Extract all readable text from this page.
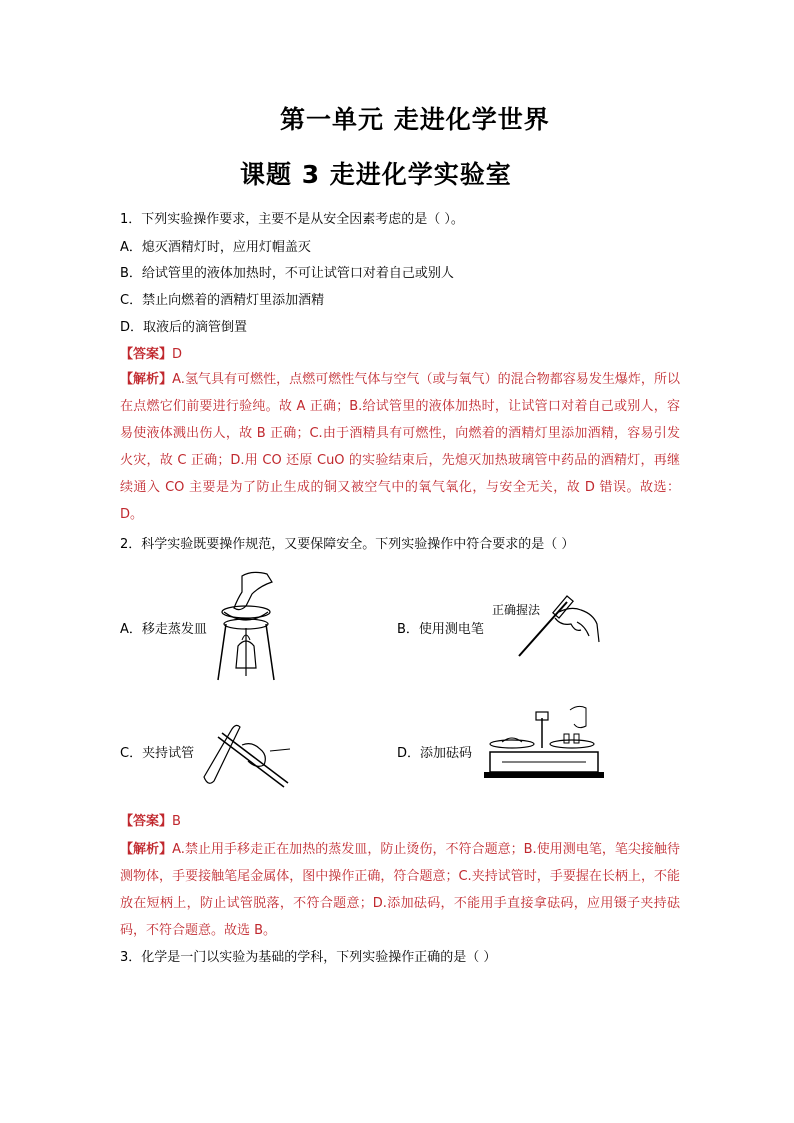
第一单元 走进化学世界
课题 3 走进化学实验室
1．下列实验操作要求，主要不是从安全因素考虑的是（ ）。
A．熄灭酒精灯时，应用灯帽盖灭
B．给试管里的液体加热时，不可让试管口对着自己或别人
C．禁止向燃着的酒精灯里添加酒精
D．取液后的滴管倒置
【答案】D
【解析】A.氢气具有可燃性，点燃可燃性气体与空气（或与氧气）的混合物都容易发生爆炸，所以在点燃它们前要进行验纯。故 A 正确；B.给试管里的液体加热时，让试管口对着自己或别人，容易使液体溅出伤人，故 B 正确；C.由于酒精具有可燃性，向燃着的酒精灯里添加酒精，容易引发火灾，故 C 正确；D.用 CO 还原 CuO 的实验结束后，先熄灭加热玻璃管中药品的酒精灯，再继续通入 CO 主要是为了防止生成的铜又被空气中的氧气氧化，与安全无关，故 D 错误。故选：D。
2．科学实验既要操作规范，又要保障安全。下列实验操作中符合要求的是（ ）
A．移走蒸发皿
正确握法
B．使用测电笔
C．夹持试管	D．添加砝码
【答案】B
【解析】A.禁止用手移走正在加热的蒸发皿，防止烫伤，不符合题意；B.使用测电笔，笔尖接触待测物体，手要接触笔尾金属体，图中操作正确，符合题意；C.夹持试管时，手要握在长柄上，不能放在短柄上，防止试管脱落，不符合题意；D.添加砝码，不能用手直接拿砝码，应用镊子夹持砝码，不符合题意。故选 B。
3．化学是一门以实验为基础的学科，下列实验操作正确的是（ ）
